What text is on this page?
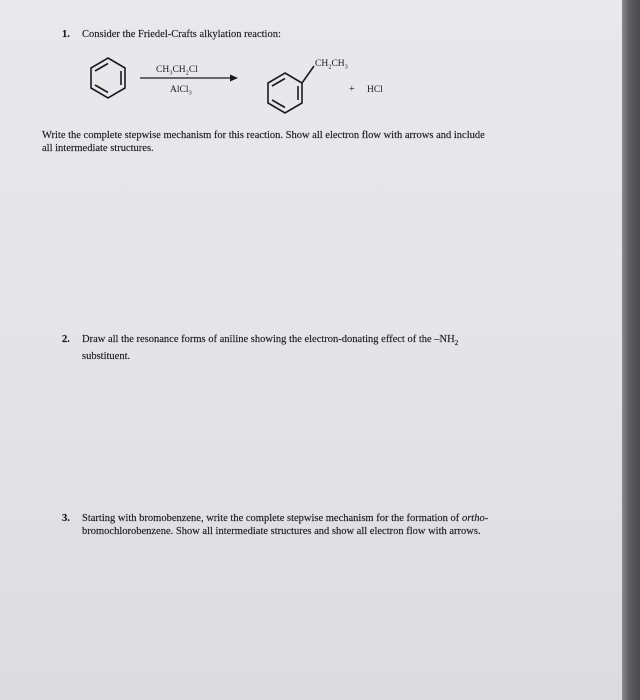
1. Consider the Friedel-Crafts alkylation reaction:
$CH_3CH_2Cl$
AlCl$_3$
$CH_2CH_3$
+ HCl
Write the complete stepwise mechanism for this reaction. Show all electron flow with arrows and include
all intermediate structures.
2. Draw all the resonance forms of aniline showing the electron-donating effect of the $-NH_2$
substituent.
3. Starting with bromobenzene, write the complete stepwise mechanism for the formation of ortho-
bromochlorobenzene. Show all intermediate structures and show all electron flow with arrows.
